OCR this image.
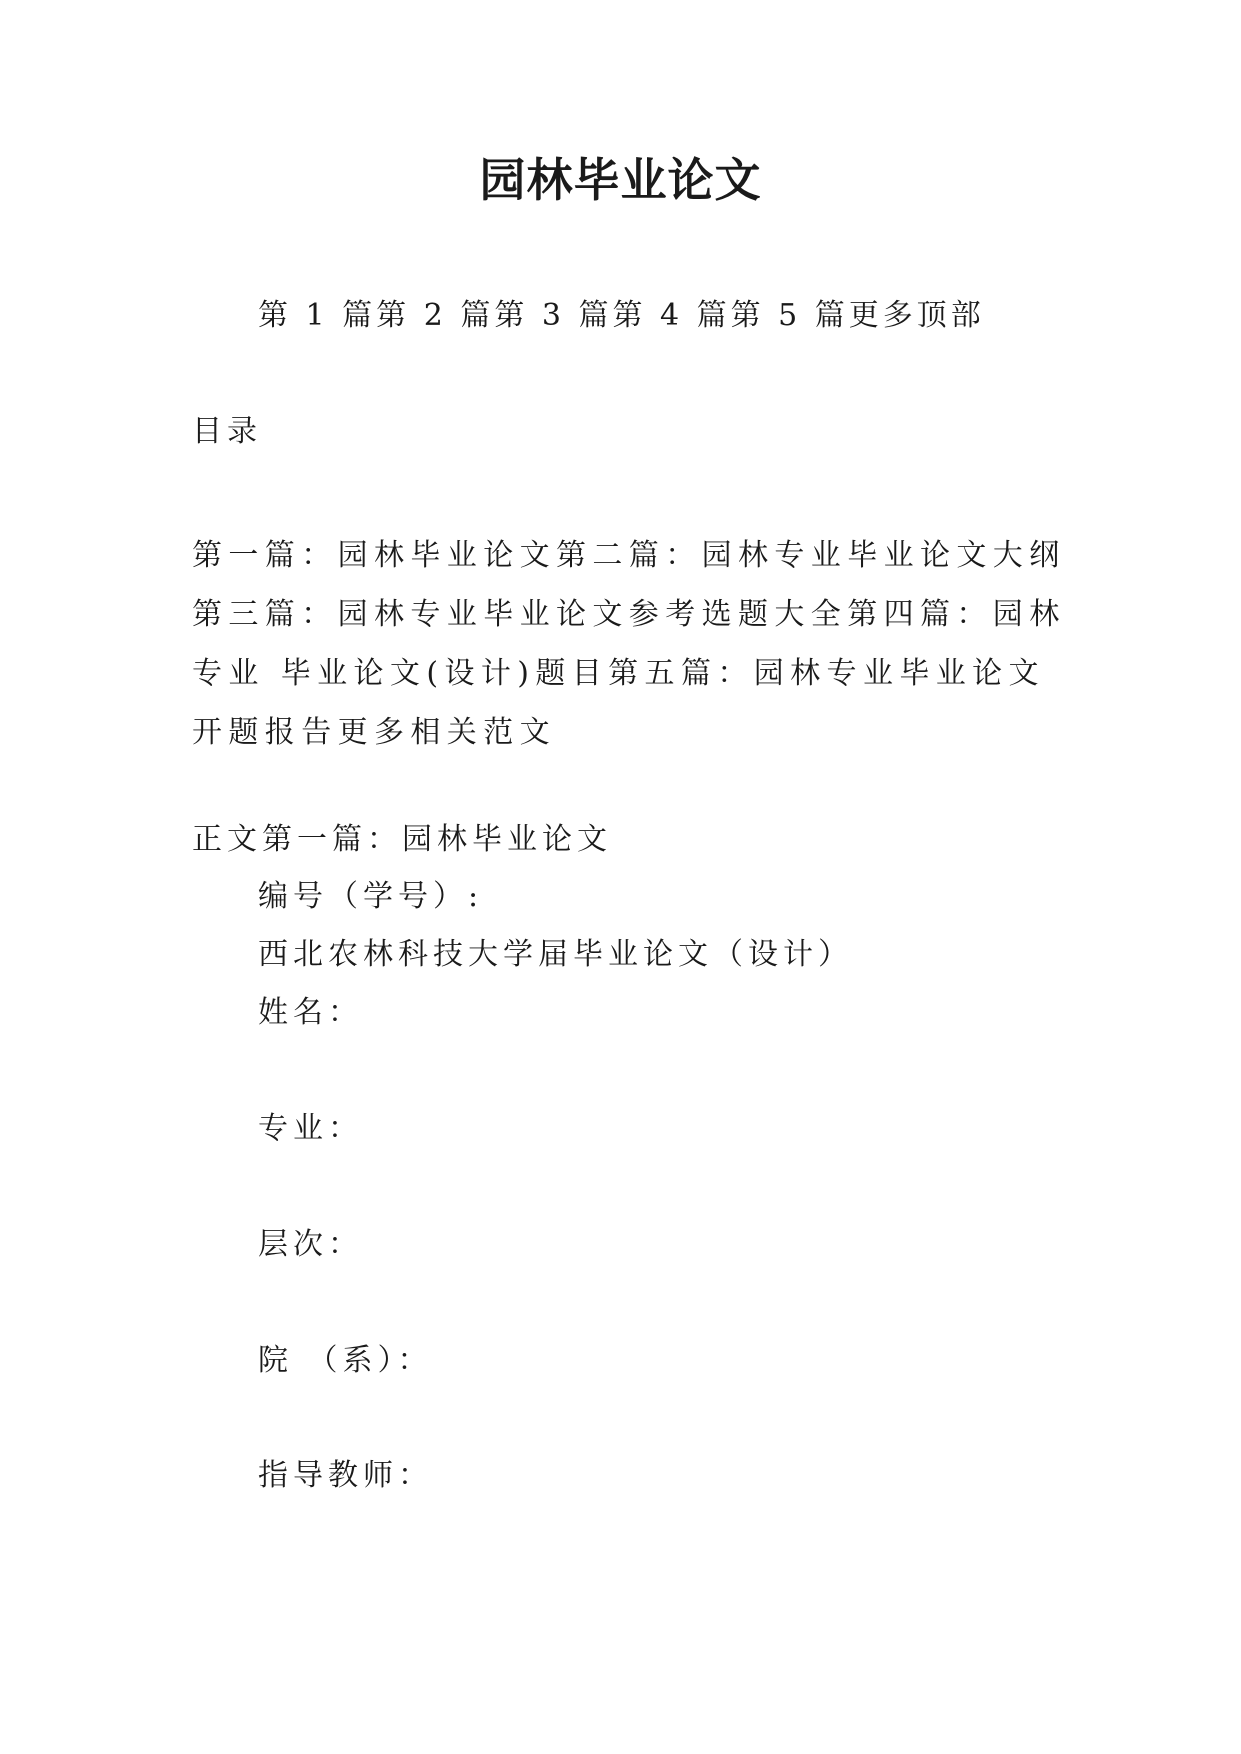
园林毕业论文
第 1 篇第 2 篇第 3 篇第 4 篇第 5 篇更多顶部
目录
第一篇：园林毕业论文第二篇：园林专业毕业论文大纲第三篇：园林专业毕业论文参考选题大全第四篇：园林专业 毕业论文(设计)题目第五篇：园林专业毕业论文开题报告更多相关范文
正文第一篇：园林毕业论文
编号（学号）:
西北农林科技大学届毕业论文（设计）
姓名：
专业：
层次：
院 （系）：
指导教师：
